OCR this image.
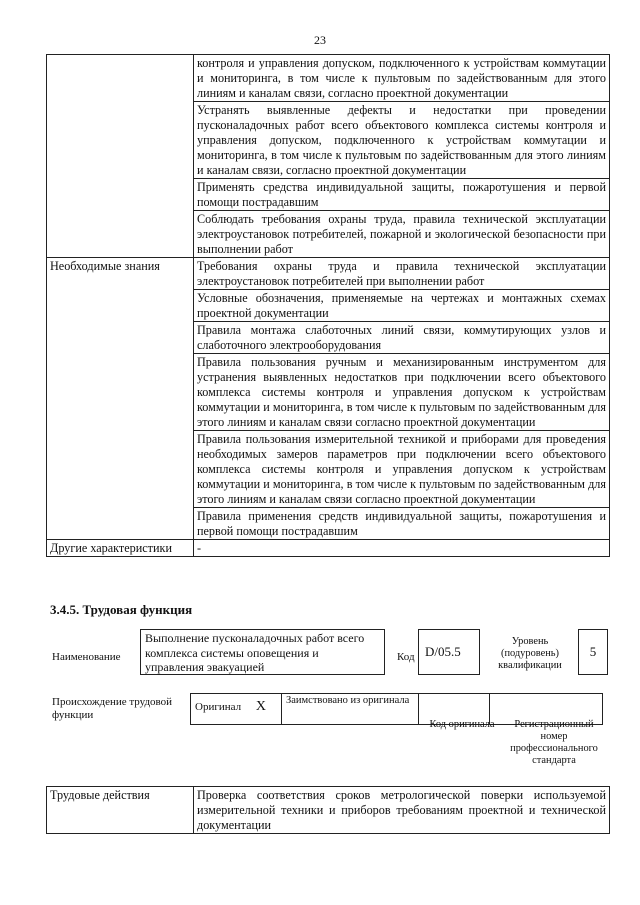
23
	контроля и управления допуском, подключенного к устройствам коммутации и мониторинга, в том числе к пультовым по задействованным для этого линиям и каналам связи, согласно проектной документации
	Устранять выявленные дефекты и недостатки при проведении пусконаладочных работ всего объектового комплекса системы контроля и управления допуском, подключенного к устройствам коммутации и мониторинга, в том числе к пультовым по задействованным для этого линиям и каналам связи, согласно проектной документации
	Применять средства индивидуальной защиты, пожаротушения и первой помощи пострадавшим
	Соблюдать требования охраны труда, правила технической эксплуатации электроустановок потребителей, пожарной и экологической безопасности при выполнении работ
Необходимые знания	Требования охраны труда и правила технической эксплуатации электроустановок потребителей при выполнении работ
	Условные обозначения, применяемые на чертежах и монтажных схемах проектной документации
	Правила монтажа слаботочных линий связи, коммутирующих узлов и слаботочного электрооборудования
	Правила пользования ручным и механизированным инструментом для устранения выявленных недостатков при подключении всего объектового комплекса системы контроля и управления допуском к устройствам коммутации и мониторинга, в том числе к пультовым по задействованным для этого линиям и каналам связи согласно проектной документации
	Правила пользования измерительной техникой и приборами для проведения необходимых замеров параметров при подключении всего объектового комплекса системы контроля и управления допуском к устройствам коммутации и мониторинга, в том числе к пультовым по задействованным для этого линиям и каналам связи согласно проектной документации
	Правила применения средств индивидуальной защиты, пожаротушения и первой помощи пострадавшим
Другие характеристики	-
3.4.5. Трудовая функция
Наименование
Выполнение пусконаладочных работ всего комплекса системы оповещения и управления эвакуацией
Код D/05.5
Уровень (подуровень) квалификации
5
Происхождение трудовой функции
Оригинал X	Заимствовано из оригинала		
Код оригинала	Регистрационный номер профессионального стандарта
Трудовые действия	Проверка соответствия сроков метрологической поверки используемой измерительной техники и приборов требованиям проектной и технической документации
